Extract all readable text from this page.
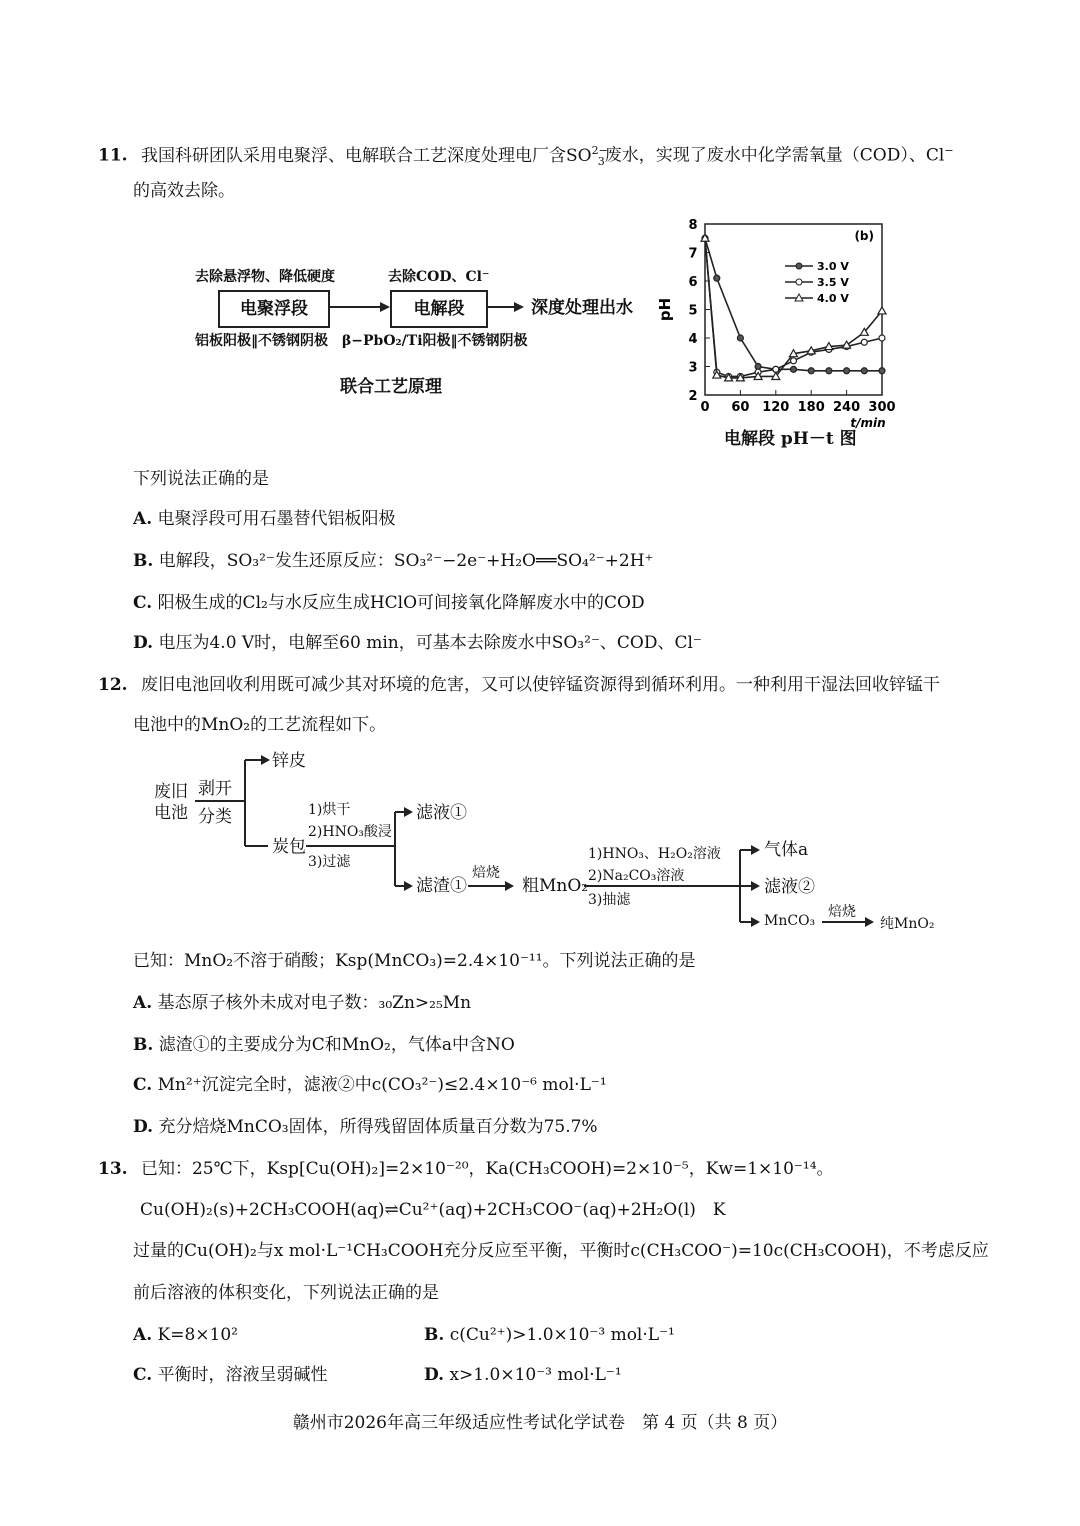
11. 我国科研团队采用电聚浮、电解联合工艺深度处理电厂含$SO^{2-}_3$废水，实现了废水中化学需氧量（COD）、Cl−
的高效去除。
去除悬浮物、降低硬度
电聚浮段
去除COD、Cl⁻
电解段	深度处理出水
铝板阳极‖不锈钢阴极 β−PbO₂/Ti阳极‖不锈钢阴极
联合工艺原理	2
3
4
5
6
7
8
0 60 120 180 240 300
pH
t/min
(b)
3.0 V
3.5 V
4.0 V
电解段 pH－t 图
下列说法正确的是
A. 电聚浮段可用石墨替代铝板阳极
B. 电解段，SO₃²⁻发生还原反应：SO₃²⁻−2e⁻+H₂O══SO₄²⁻+2H⁺
C. 阳极生成的Cl₂与水反应生成HClO可间接氧化降解废水中的COD
D. 电压为4.0 V时，电解至60 min，可基本去除废水中SO₃²⁻、COD、Cl⁻
12. 废旧电池回收利用既可减少其对环境的危害，又可以使锌锰资源得到循环利用。一种利用干湿法回收锌锰干
电池中的MnO₂的工艺流程如下。
废旧
电池
剥开
分类
锌皮
炭包
1)烘干
2)HNO₃酸浸
3)过滤
滤液①
滤渣①
焙烧
粗MnO₂
1)HNO₃、H₂O₂溶液
2)Na₂CO₃溶液
3)抽滤
气体a
滤液②
MnCO₃
焙烧
纯MnO₂
已知：MnO₂不溶于硝酸；Ksp(MnCO₃)=2.4×10⁻¹¹。下列说法正确的是
A. 基态原子核外未成对电子数：₃₀Zn>₂₅Mn
B. 滤渣①的主要成分为C和MnO₂，气体a中含NO
C. Mn²⁺沉淀完全时，滤液②中c(CO₃²⁻)≤2.4×10⁻⁶ mol·L⁻¹
D. 充分焙烧MnCO₃固体，所得残留固体质量百分数为75.7%
13. 已知：25℃下，Ksp[Cu(OH)₂]=2×10⁻²⁰，Ka(CH₃COOH)=2×10⁻⁵，Kw=1×10⁻¹⁴。
Cu(OH)₂(s)+2CH₃COOH(aq)⇌Cu²⁺(aq)+2CH₃COO⁻(aq)+2H₂O(l)　K
过量的Cu(OH)₂与x mol·L⁻¹CH₃COOH充分反应至平衡，平衡时c(CH₃COO⁻)=10c(CH₃COOH)，不考虑反应
前后溶液的体积变化，下列说法正确的是
A. K=8×10²	B. c(Cu²⁺)>1.0×10⁻³ mol·L⁻¹
C. 平衡时，溶液呈弱碱性	D. x>1.0×10⁻³ mol·L⁻¹
赣州市2026年高三年级适应性考试化学试卷　第 4 页（共 8 页）
